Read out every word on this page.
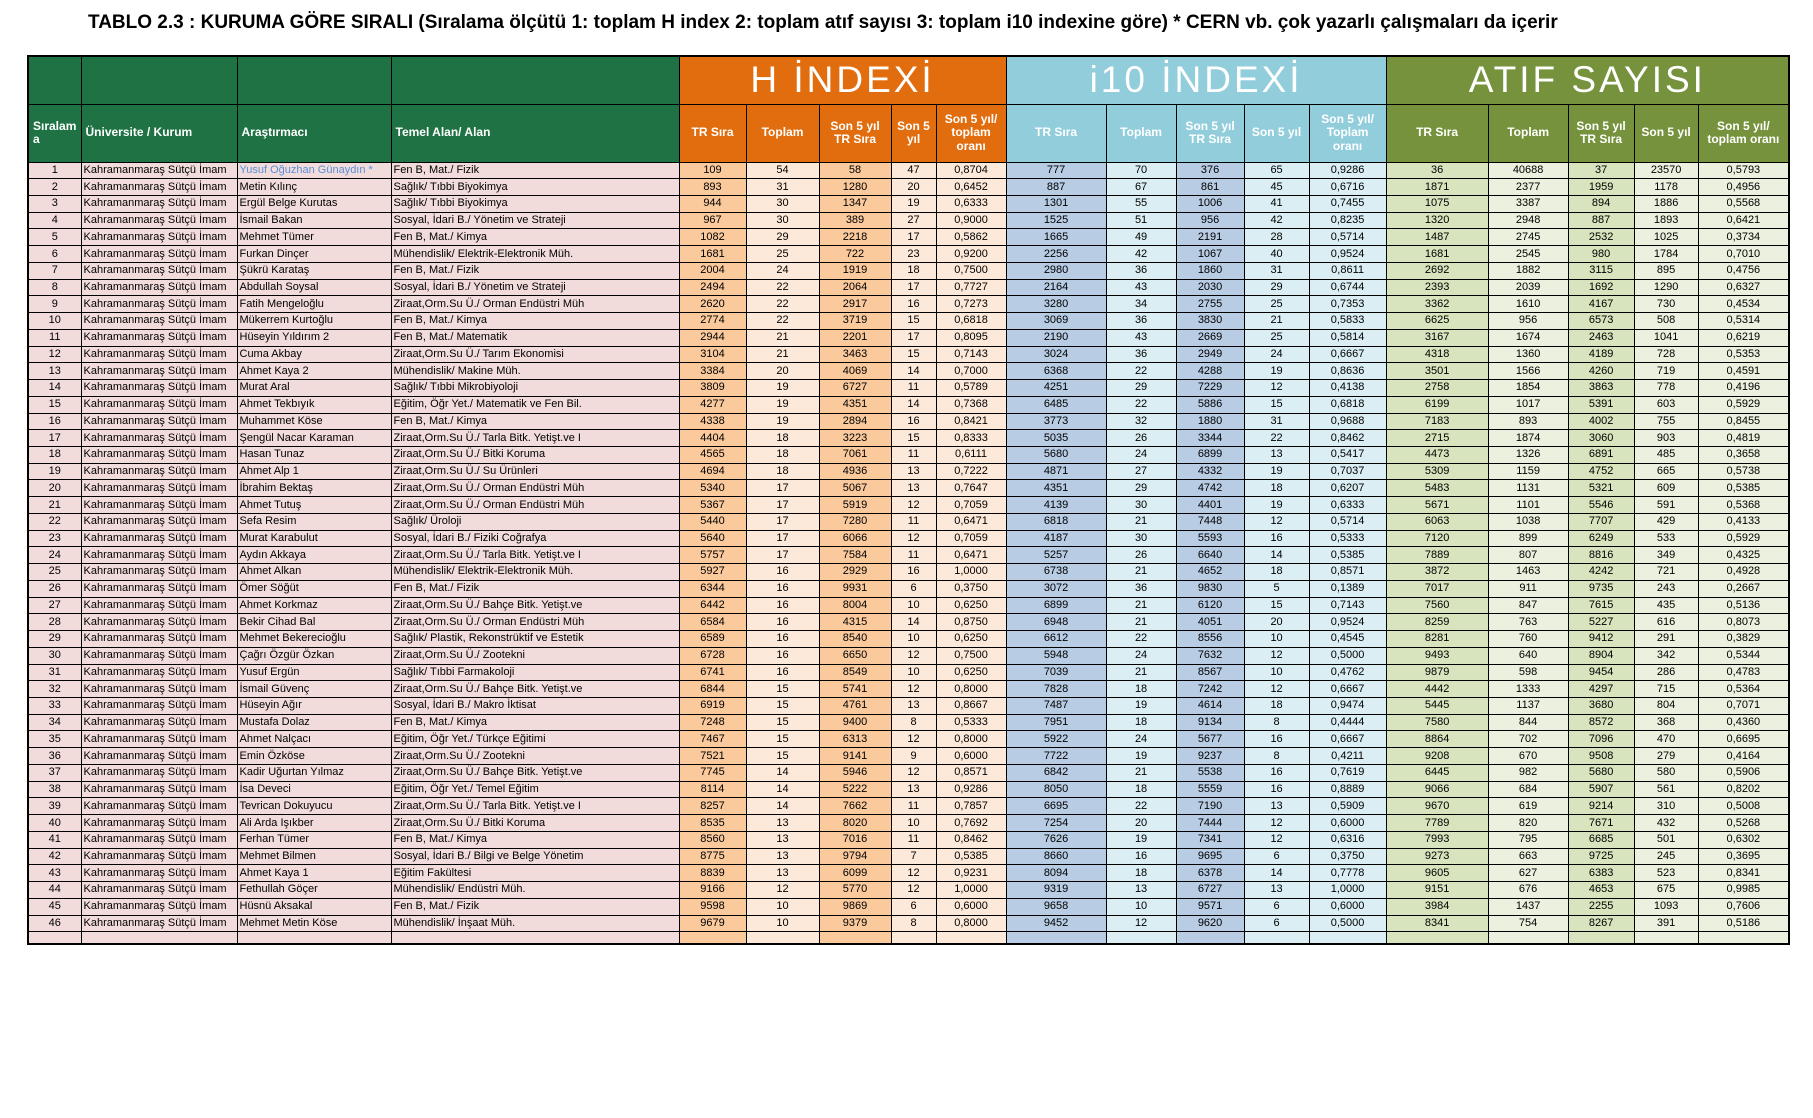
TABLO 2.3 : KURUMA GÖRE SIRALI (Sıralama ölçütü 1: toplam H index 2: toplam atıf sayısı 3: toplam i10 indexine göre) * CERN vb. çok yazarlı çalışmaları da içerir
				H İNDEXİ					i10 İNDEXİ					ATIF SAYISI				
Sıralama	Üniversite / Kurum	Araştırmacı	Temel Alan/ Alan	TR Sıra	Toplam	Son 5 yıl TR Sıra	Son 5 yıl	Son 5 yıl/ toplam oranı	TR Sıra	Toplam	Son 5 yıl TR Sıra	Son 5 yıl	Son 5 yıl/ Toplam oranı	TR Sıra	Toplam	Son 5 yıl TR Sıra	Son 5 yıl	Son 5 yıl/ toplam oranı
1	Kahramanmaraş Sütçü İmam	Yusuf Oğuzhan Günaydın *	Fen B, Mat./ Fizik	109	54	58	47	0,8704	777	70	376	65	0,9286	36	40688	37	23570	0,5793
2	Kahramanmaraş Sütçü İmam	Metin Kılınç	Sağlık/ Tıbbi Biyokimya	893	31	1280	20	0,6452	887	67	861	45	0,6716	1871	2377	1959	1178	0,4956
3	Kahramanmaraş Sütçü İmam	Ergül Belge Kurutas	Sağlık/ Tıbbi Biyokimya	944	30	1347	19	0,6333	1301	55	1006	41	0,7455	1075	3387	894	1886	0,5568
4	Kahramanmaraş Sütçü İmam	İsmail Bakan	Sosyal, İdari B./ Yönetim ve Strateji	967	30	389	27	0,9000	1525	51	956	42	0,8235	1320	2948	887	1893	0,6421
5	Kahramanmaraş Sütçü İmam	Mehmet Tümer	Fen B, Mat./ Kimya	1082	29	2218	17	0,5862	1665	49	2191	28	0,5714	1487	2745	2532	1025	0,3734
6	Kahramanmaraş Sütçü İmam	Furkan Dinçer	Mühendislik/ Elektrik-Elektronik Müh.	1681	25	722	23	0,9200	2256	42	1067	40	0,9524	1681	2545	980	1784	0,7010
7	Kahramanmaraş Sütçü İmam	Şükrü Karataş	Fen B, Mat./ Fizik	2004	24	1919	18	0,7500	2980	36	1860	31	0,8611	2692	1882	3115	895	0,4756
8	Kahramanmaraş Sütçü İmam	Abdullah Soysal	Sosyal, İdari B./ Yönetim ve Strateji	2494	22	2064	17	0,7727	2164	43	2030	29	0,6744	2393	2039	1692	1290	0,6327
9	Kahramanmaraş Sütçü İmam	Fatih Mengeloğlu	Ziraat,Orm.Su Ü./ Orman Endüstri Müh	2620	22	2917	16	0,7273	3280	34	2755	25	0,7353	3362	1610	4167	730	0,4534
10	Kahramanmaraş Sütçü İmam	Mükerrem Kurtoğlu	Fen B, Mat./ Kimya	2774	22	3719	15	0,6818	3069	36	3830	21	0,5833	6625	956	6573	508	0,5314
11	Kahramanmaraş Sütçü İmam	Hüseyin Yıldırım 2	Fen B, Mat./ Matematik	2944	21	2201	17	0,8095	2190	43	2669	25	0,5814	3167	1674	2463	1041	0,6219
12	Kahramanmaraş Sütçü İmam	Cuma Akbay	Ziraat,Orm.Su Ü./ Tarım Ekonomisi	3104	21	3463	15	0,7143	3024	36	2949	24	0,6667	4318	1360	4189	728	0,5353
13	Kahramanmaraş Sütçü İmam	Ahmet Kaya 2	Mühendislik/ Makine Müh.	3384	20	4069	14	0,7000	6368	22	4288	19	0,8636	3501	1566	4260	719	0,4591
14	Kahramanmaraş Sütçü İmam	Murat Aral	Sağlık/ Tıbbi Mikrobiyoloji	3809	19	6727	11	0,5789	4251	29	7229	12	0,4138	2758	1854	3863	778	0,4196
15	Kahramanmaraş Sütçü İmam	Ahmet Tekbıyık	Eğitim, Öğr Yet./ Matematik ve Fen Bil.	4277	19	4351	14	0,7368	6485	22	5886	15	0,6818	6199	1017	5391	603	0,5929
16	Kahramanmaraş Sütçü İmam	Muhammet Köse	Fen B, Mat./ Kimya	4338	19	2894	16	0,8421	3773	32	1880	31	0,9688	7183	893	4002	755	0,8455
17	Kahramanmaraş Sütçü İmam	Şengül Nacar Karaman	Ziraat,Orm.Su Ü./ Tarla Bitk. Yetişt.ve I	4404	18	3223	15	0,8333	5035	26	3344	22	0,8462	2715	1874	3060	903	0,4819
18	Kahramanmaraş Sütçü İmam	Hasan Tunaz	Ziraat,Orm.Su Ü./ Bitki Koruma	4565	18	7061	11	0,6111	5680	24	6899	13	0,5417	4473	1326	6891	485	0,3658
19	Kahramanmaraş Sütçü İmam	Ahmet Alp 1	Ziraat,Orm.Su Ü./ Su Ürünleri	4694	18	4936	13	0,7222	4871	27	4332	19	0,7037	5309	1159	4752	665	0,5738
20	Kahramanmaraş Sütçü İmam	İbrahim Bektaş	Ziraat,Orm.Su Ü./ Orman Endüstri Müh	5340	17	5067	13	0,7647	4351	29	4742	18	0,6207	5483	1131	5321	609	0,5385
21	Kahramanmaraş Sütçü İmam	Ahmet Tutuş	Ziraat,Orm.Su Ü./ Orman Endüstri Müh	5367	17	5919	12	0,7059	4139	30	4401	19	0,6333	5671	1101	5546	591	0,5368
22	Kahramanmaraş Sütçü İmam	Sefa Resim	Sağlık/ Üroloji	5440	17	7280	11	0,6471	6818	21	7448	12	0,5714	6063	1038	7707	429	0,4133
23	Kahramanmaraş Sütçü İmam	Murat Karabulut	Sosyal, İdari B./ Fiziki Coğrafya	5640	17	6066	12	0,7059	4187	30	5593	16	0,5333	7120	899	6249	533	0,5929
24	Kahramanmaraş Sütçü İmam	Aydın Akkaya	Ziraat,Orm.Su Ü./ Tarla Bitk. Yetişt.ve I	5757	17	7584	11	0,6471	5257	26	6640	14	0,5385	7889	807	8816	349	0,4325
25	Kahramanmaraş Sütçü İmam	Ahmet Alkan	Mühendislik/ Elektrik-Elektronik Müh.	5927	16	2929	16	1,0000	6738	21	4652	18	0,8571	3872	1463	4242	721	0,4928
26	Kahramanmaraş Sütçü İmam	Ömer Söğüt	Fen B, Mat./ Fizik	6344	16	9931	6	0,3750	3072	36	9830	5	0,1389	7017	911	9735	243	0,2667
27	Kahramanmaraş Sütçü İmam	Ahmet Korkmaz	Ziraat,Orm.Su Ü./ Bahçe Bitk. Yetişt.ve	6442	16	8004	10	0,6250	6899	21	6120	15	0,7143	7560	847	7615	435	0,5136
28	Kahramanmaraş Sütçü İmam	Bekir Cihad Bal	Ziraat,Orm.Su Ü./ Orman Endüstri Müh	6584	16	4315	14	0,8750	6948	21	4051	20	0,9524	8259	763	5227	616	0,8073
29	Kahramanmaraş Sütçü İmam	Mehmet Bekerecioğlu	Sağlık/ Plastik, Rekonstrüktif ve Estetik	6589	16	8540	10	0,6250	6612	22	8556	10	0,4545	8281	760	9412	291	0,3829
30	Kahramanmaraş Sütçü İmam	Çağrı Özgür Özkan	Ziraat,Orm.Su Ü./ Zootekni	6728	16	6650	12	0,7500	5948	24	7632	12	0,5000	9493	640	8904	342	0,5344
31	Kahramanmaraş Sütçü İmam	Yusuf Ergün	Sağlık/ Tıbbi Farmakoloji	6741	16	8549	10	0,6250	7039	21	8567	10	0,4762	9879	598	9454	286	0,4783
32	Kahramanmaraş Sütçü İmam	İsmail Güvenç	Ziraat,Orm.Su Ü./ Bahçe Bitk. Yetişt.ve	6844	15	5741	12	0,8000	7828	18	7242	12	0,6667	4442	1333	4297	715	0,5364
33	Kahramanmaraş Sütçü İmam	Hüseyin Ağır	Sosyal, İdari B./ Makro İktisat	6919	15	4761	13	0,8667	7487	19	4614	18	0,9474	5445	1137	3680	804	0,7071
34	Kahramanmaraş Sütçü İmam	Mustafa Dolaz	Fen B, Mat./ Kimya	7248	15	9400	8	0,5333	7951	18	9134	8	0,4444	7580	844	8572	368	0,4360
35	Kahramanmaraş Sütçü İmam	Ahmet Nalçacı	Eğitim, Öğr Yet./ Türkçe Eğitimi	7467	15	6313	12	0,8000	5922	24	5677	16	0,6667	8864	702	7096	470	0,6695
36	Kahramanmaraş Sütçü İmam	Emin Özköse	Ziraat,Orm.Su Ü./ Zootekni	7521	15	9141	9	0,6000	7722	19	9237	8	0,4211	9208	670	9508	279	0,4164
37	Kahramanmaraş Sütçü İmam	Kadir Uğurtan Yılmaz	Ziraat,Orm.Su Ü./ Bahçe Bitk. Yetişt.ve	7745	14	5946	12	0,8571	6842	21	5538	16	0,7619	6445	982	5680	580	0,5906
38	Kahramanmaraş Sütçü İmam	İsa Deveci	Eğitim, Öğr Yet./ Temel Eğitim	8114	14	5222	13	0,9286	8050	18	5559	16	0,8889	9066	684	5907	561	0,8202
39	Kahramanmaraş Sütçü İmam	Tevrican Dokuyucu	Ziraat,Orm.Su Ü./ Tarla Bitk. Yetişt.ve I	8257	14	7662	11	0,7857	6695	22	7190	13	0,5909	9670	619	9214	310	0,5008
40	Kahramanmaraş Sütçü İmam	Ali Arda Işıkber	Ziraat,Orm.Su Ü./ Bitki Koruma	8535	13	8020	10	0,7692	7254	20	7444	12	0,6000	7789	820	7671	432	0,5268
41	Kahramanmaraş Sütçü İmam	Ferhan Tümer	Fen B, Mat./ Kimya	8560	13	7016	11	0,8462	7626	19	7341	12	0,6316	7993	795	6685	501	0,6302
42	Kahramanmaraş Sütçü İmam	Mehmet Bilmen	Sosyal, İdari B./ Bilgi ve Belge Yönetim	8775	13	9794	7	0,5385	8660	16	9695	6	0,3750	9273	663	9725	245	0,3695
43	Kahramanmaraş Sütçü İmam	Ahmet Kaya 1	Eğitim Fakültesi	8839	13	6099	12	0,9231	8094	18	6378	14	0,7778	9605	627	6383	523	0,8341
44	Kahramanmaraş Sütçü İmam	Fethullah Göçer	Mühendislik/ Endüstri Müh.	9166	12	5770	12	1,0000	9319	13	6727	13	1,0000	9151	676	4653	675	0,9985
45	Kahramanmaraş Sütçü İmam	Hüsnü Aksakal	Fen B, Mat./ Fizik	9598	10	9869	6	0,6000	9658	10	9571	6	0,6000	3984	1437	2255	1093	0,7606
46	Kahramanmaraş Sütçü İmam	Mehmet Metin Köse	Mühendislik/ İnşaat Müh.	9679	10	9379	8	0,8000	9452	12	9620	6	0,5000	8341	754	8267	391	0,5186
